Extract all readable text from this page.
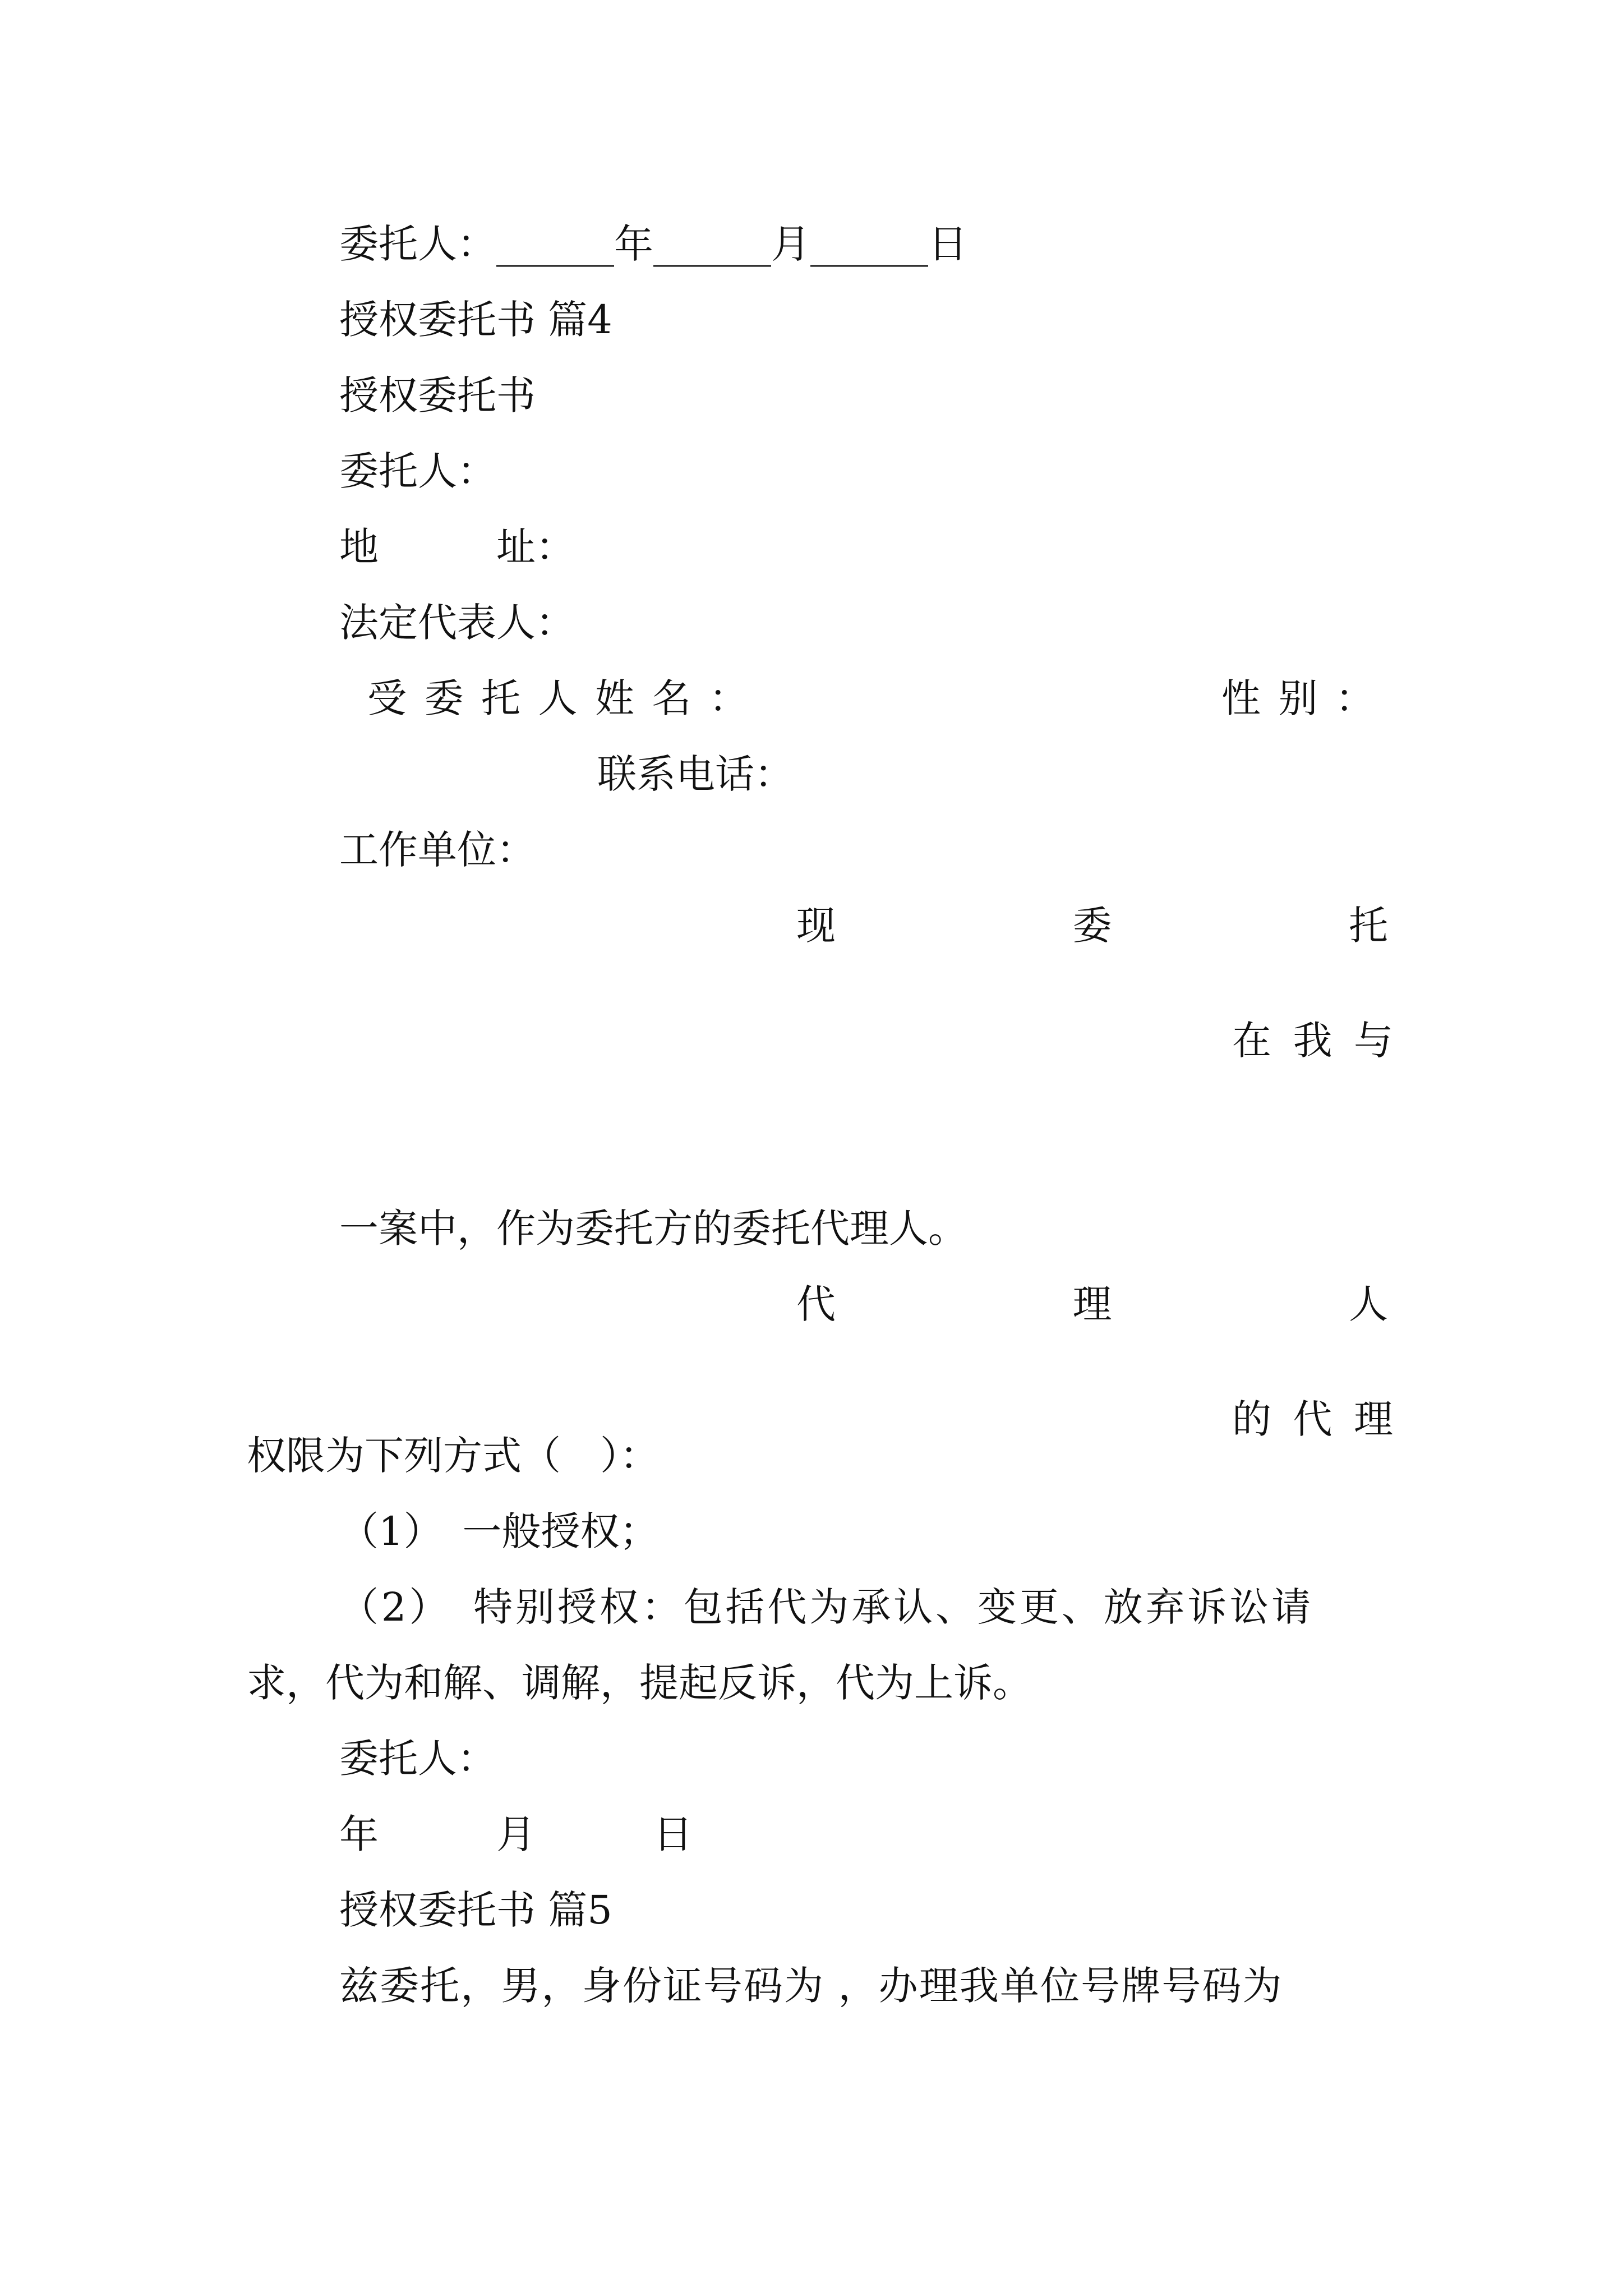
委托人：______年______月______日

授权委托书 篇4

授权委托书

委托人：

地　　　址：

法定代表人：

受委托人姓名：	性别：

联系电话：

工作单位：

现	委	托

在我与

一案中，作为委托方的委托代理人。

代	理	人

的代理

权限为下列方式（　）：

（1）　一般授权；

（2）　特别授权：包括代为承认、变更、放弃诉讼请

求，代为和解、调解，提起反诉，代为上诉。

委托人：

年　　　月　　　日

授权委托书 篇5

兹委托，男，身份证号码为 ，办理我单位号牌号码为
